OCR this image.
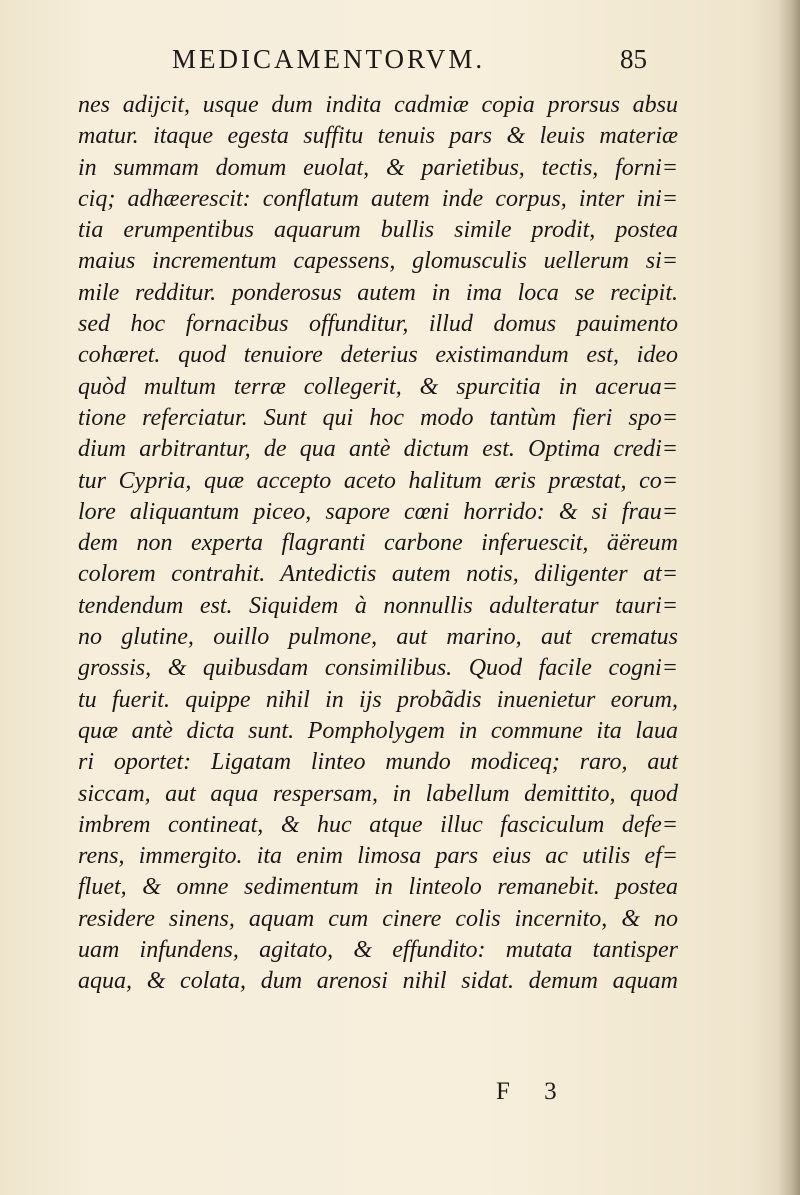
MEDICAMENTORVM.	85
nes adijcit, usque dum indita cadmiæ copia prorsus absu
matur. itaque egesta suffitu tenuis pars & leuis materiæ
in summam domum euolat, & parietibus, tectis, forni=
ciq; adhæerescit: conflatum autem inde corpus, inter ini=
tia erumpentibus aquarum bullis simile prodit, postea
maius incrementum capessens, glomusculis uellerum si=
mile redditur. ponderosus autem in ima loca se recipit.
sed hoc fornacibus offunditur, illud domus pauimento
cohæret. quod tenuiore deterius existimandum est, ideo
quòd multum terræ collegerit, & spurcitia in aceruа=
tione referciatur. Sunt qui hoc modo tantùm fieri spo=
dium arbitrantur, de qua antè dictum est. Optima credi=
tur Cypria, quæ accepto aceto halitum æris præstat, co=
lore aliquantum piceo, sapore cœni horrido: & si frau=
dem non experta flagranti carbone inferuescit, äëreum
colorem contrahit. Antedictis autem notis, diligenter at=
tendendum est. Siquidem à nonnullis adulteratur tauri=
no glutine, ouillo pulmone, aut marino, aut crematus
grossis, & quibusdam consimilibus. Quod facile cogni=
tu fuerit. quippe nihil in ijs probãdis inuenietur eorum,
quæ antè dicta sunt. Pompholygem in commune ita laua
ri oportet: Ligatam linteo mundo modiceq; raro, aut
siccam, aut aqua respersam, in labellum demittito, quod
imbrem contineat, & huc atque illuc fasciculum defe=
rens, immergito. ita enim limosa pars eius ac utilis ef=
fluet, & omne sedimentum in linteolo remanebit. postea
residere sinens, aquam cum cinere colis incernito, & no
uam infundens, agitato, & effundito: mutata tantisper
aqua, & colata, dum arenosi nihil sidat. demum aquam
F 3
